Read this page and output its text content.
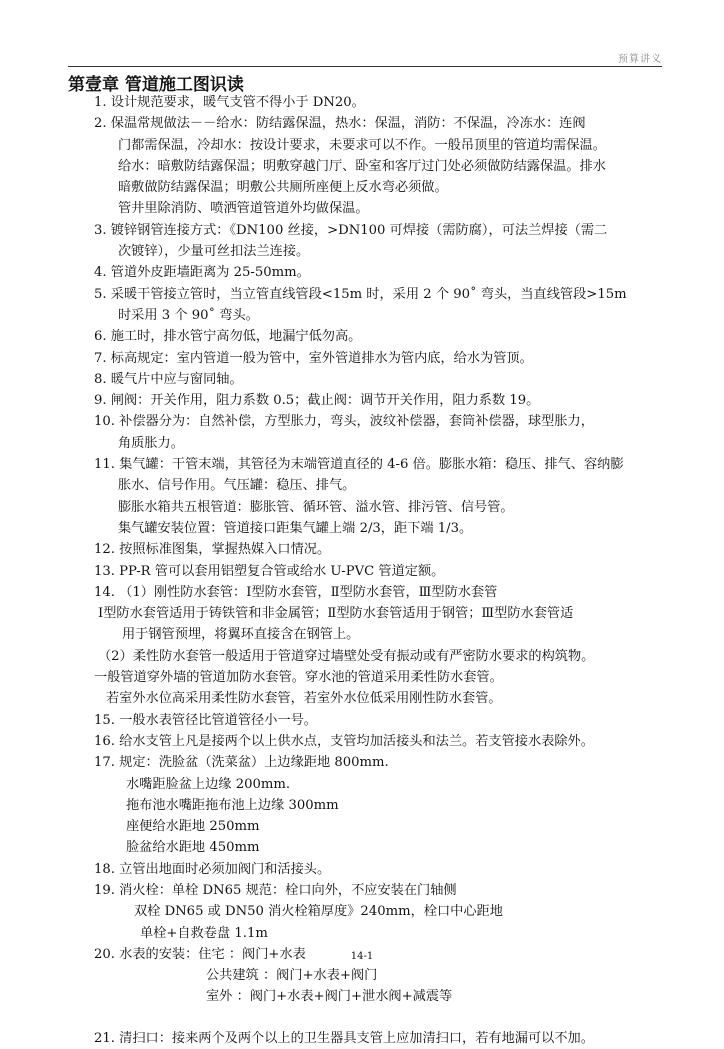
预算讲义
第壹章 管道施工图识读
1. 设计规范要求，暖气支管不得小于 DN20。
2. 保温常规做法－－给水：防结露保温，热水：保温，消防：不保温，冷冻水：连阀
门都需保温，冷却水：按设计要求，未要求可以不作。一般吊顶里的管道均需保温。
给水：暗敷防结露保温；明敷穿越门厅、卧室和客厅过门处必须做防结露保温。排水
暗敷做防结露保温；明敷公共厕所座便上反水弯必须做。
管井里除消防、喷洒管道管道外均做保温。
3. 镀锌钢管连接方式：《DN100 丝接，>DN100 可焊接（需防腐），可法兰焊接（需二
次镀锌），少量可丝扣法兰连接。
4. 管道外皮距墙距离为 25-50mm。
5. 采暖干管接立管时，当立管直线管段<15m 时，采用 2 个 90˚ 弯头，当直线管段>15m
时采用 3 个 90˚ 弯头。
6. 施工时，排水管宁高勿低，地漏宁低勿高。
7. 标高规定：室内管道一般为管中，室外管道排水为管内底，给水为管顶。
8. 暖气片中应与窗同轴。
9. 闸阀：开关作用，阻力系数 0.5；截止阀：调节开关作用，阻力系数 19。
10. 补偿器分为：自然补偿，方型胀力，弯头，波纹补偿器，套筒补偿器，球型胀力，
角质胀力。
11. 集气罐：干管末端，其管径为末端管道直径的 4-6 倍。膨胀水箱：稳压、排气、容纳膨
胀水、信号作用。气压罐：稳压、排气。
膨胀水箱共五根管道：膨胀管、循环管、溢水管、排污管、信号管。
集气罐安装位置：管道接口距集气罐上端 2/3，距下端 1/3。
12. 按照标准图集，掌握热媒入口情况。
13. PP-R 管可以套用铝塑复合管或给水 U-PVC 管道定额。
14. （1）刚性防水套管：Ⅰ型防水套管，Ⅱ型防水套管，Ⅲ型防水套管
Ⅰ型防水套管适用于铸铁管和非金属管；Ⅱ型防水套管适用于钢管；Ⅲ型防水套管适
用于钢管预埋，将翼环直接含在钢管上。
（2）柔性防水套管一般适用于管道穿过墙壁处受有振动或有严密防水要求的构筑物。
一般管道穿外墙的管道加防水套管。穿水池的管道采用柔性防水套管。
若室外水位高采用柔性防水套管，若室外水位低采用刚性防水套管。
15. 一般水表管径比管道管径小一号。
16. 给水支管上凡是接两个以上供水点，支管均加活接头和法兰。若支管接水表除外。
17. 规定：洗脸盆（洗菜盆）上边缘距地 800mm.
水嘴距脸盆上边缘 200mm.
拖布池水嘴距拖布池上边缘 300mm
座便给水距地 250mm
脸盆给水距地 450mm
18. 立管出地面时必须加阀门和活接头。
19. 消火栓：单栓 DN65 规范：栓口向外，不应安装在门轴侧
双栓 DN65 或 DN50 消火栓箱厚度》240mm，栓口中心距地
单栓+自救卷盘 1.1m
20. 水表的安装：住宅 ：阀门+水表
公共建筑 ：阀门+水表+阀门
室外 ：阀门+水表+阀门+泄水阀+减震等
21. 清扫口：接来两个及两个以上的卫生器具支管上应加清扫口，若有地漏可以不加。
14-1
